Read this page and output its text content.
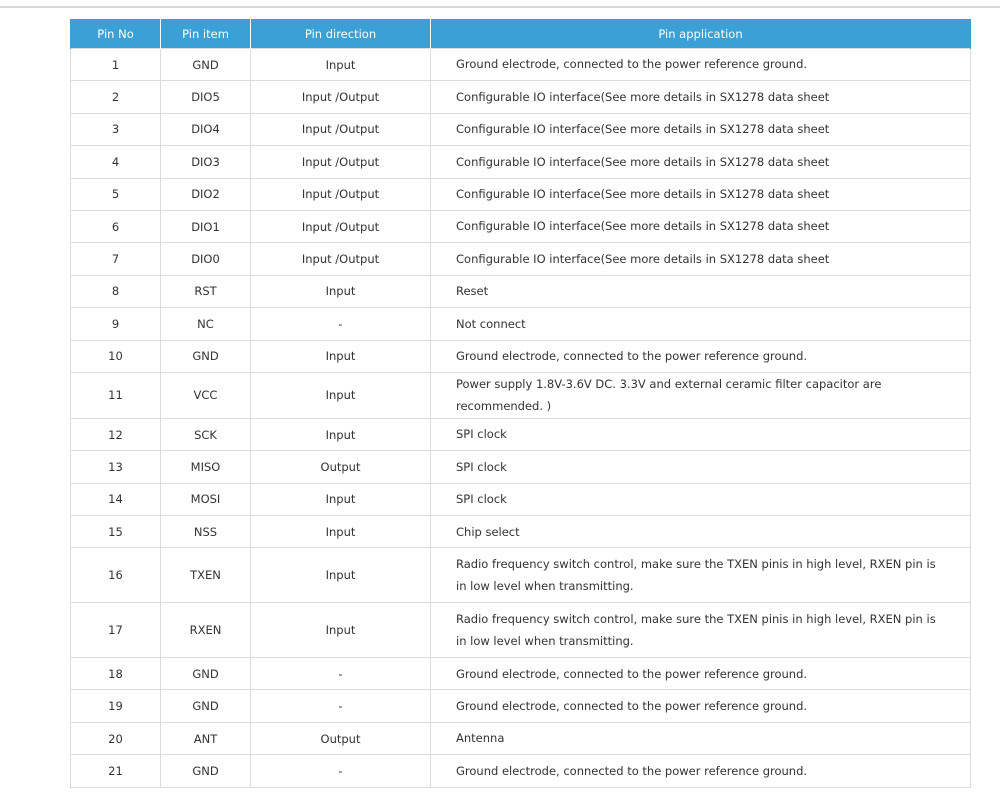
Pin No	Pin item	Pin direction	Pin application
1	GND	Input	Ground electrode, connected to the power reference ground.
2	DIO5	Input /Output	Configurable IO interface(See more details in SX1278 data sheet
3	DIO4	Input /Output	Configurable IO interface(See more details in SX1278 data sheet
4	DIO3	Input /Output	Configurable IO interface(See more details in SX1278 data sheet
5	DIO2	Input /Output	Configurable IO interface(See more details in SX1278 data sheet
6	DIO1	Input /Output	Configurable IO interface(See more details in SX1278 data sheet
7	DIO0	Input /Output	Configurable IO interface(See more details in SX1278 data sheet
8	RST	Input	Reset
9	NC	-	Not connect
10	GND	Input	Ground electrode, connected to the power reference ground.
11	VCC	Input	Power supply 1.8V-3.6V DC. 3.3V and external ceramic filter capacitor are recommended. )
12	SCK	Input	SPI clock
13	MISO	Output	SPI clock
14	MOSI	Input	SPI clock
15	NSS	Input	Chip select
16	TXEN	Input	Radio frequency switch control, make sure the TXEN pinis in high level, RXEN pin is in low level when transmitting.
17	RXEN	Input	Radio frequency switch control, make sure the TXEN pinis in high level, RXEN pin is in low level when transmitting.
18	GND	-	Ground electrode, connected to the power reference ground.
19	GND	-	Ground electrode, connected to the power reference ground.
20	ANT	Output	Antenna
21	GND	-	Ground electrode, connected to the power reference ground.
